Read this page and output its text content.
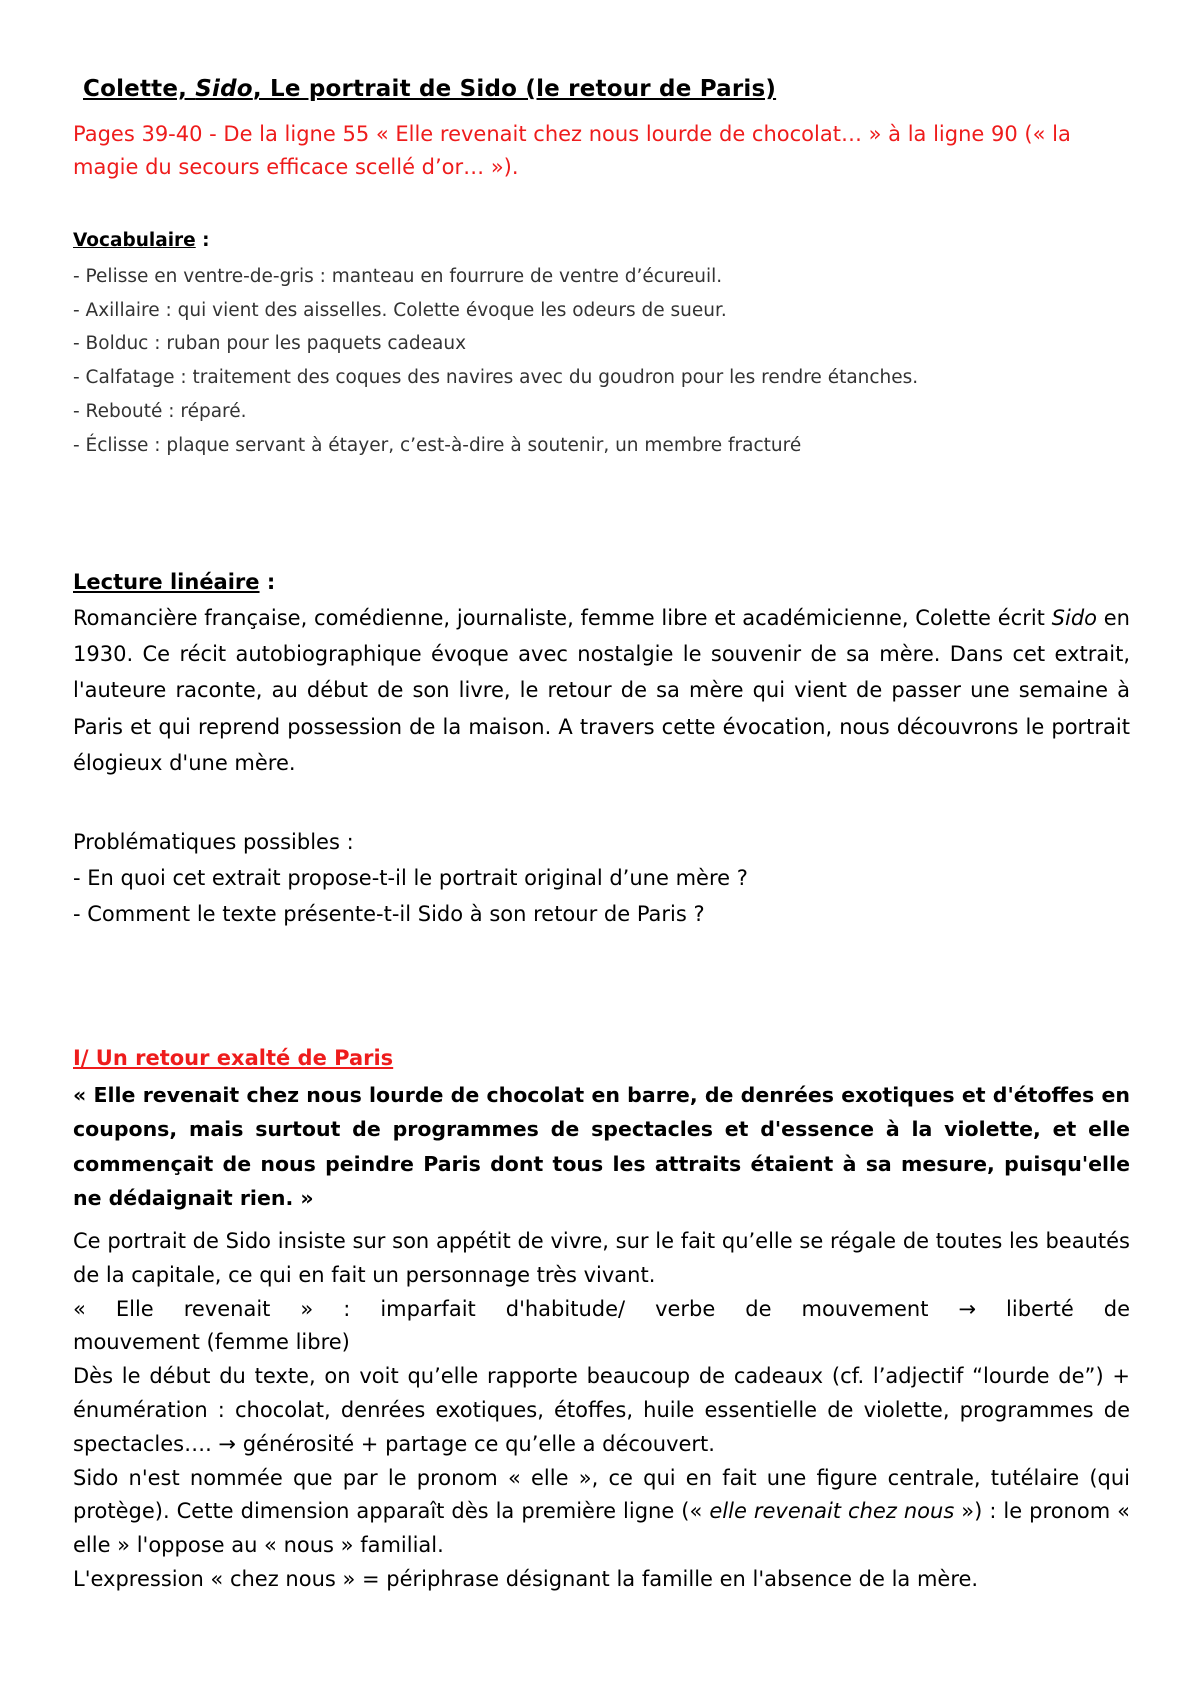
Colette, Sido, Le portrait de Sido (le retour de Paris)

Pages 39-40 - De la ligne 55 « Elle revenait chez nous lourde de chocolat… » à la ligne 90 (« la magie du secours efficace scellé d’or… »).

Vocabulaire :
- Pelisse en ventre-de-gris : manteau en fourrure de ventre d’écureuil.
- Axillaire : qui vient des aisselles. Colette évoque les odeurs de sueur.
- Bolduc : ruban pour les paquets cadeaux
- Calfatage : traitement des coques des navires avec du goudron pour les rendre étanches.
- Rebouté : réparé.
- Éclisse : plaque servant à étayer, c’est-à-dire à soutenir, un membre fracturé
Lecture linéaire :

Romancière française, comédienne, journaliste, femme libre et académicienne, Colette écrit Sido en 1930. Ce récit autobiographique évoque avec nostalgie le souvenir de sa mère. Dans cet extrait, l'auteure raconte, au début de son livre, le retour de sa mère qui vient de passer une semaine à Paris et qui reprend possession de la maison. A travers cette évocation, nous découvrons le portrait élogieux d'une mère.

Problématiques possibles :
- En quoi cet extrait propose-t-il le portrait original d’une mère ?
- Comment le texte présente-t-il Sido à son retour de Paris ?
I/ Un retour exalté de Paris

« Elle revenait chez nous lourde de chocolat en barre, de denrées exotiques et d'étoffes en coupons, mais surtout de programmes de spectacles et d'essence à la violette, et elle commençait de nous peindre Paris dont tous les attraits étaient à sa mesure, puisqu'elle ne dédaignait rien. »

Ce portrait de Sido insiste sur son appétit de vivre, sur le fait qu’elle se régale de toutes les beautés de la capitale, ce qui en fait un personnage très vivant.

« Elle revenait » : imparfait d'habitude/ verbe de mouvement → liberté de

mouvement (femme libre)

Dès le début du texte, on voit qu’elle rapporte beaucoup de cadeaux (cf. l’adjectif “lourde de”) + énumération : chocolat, denrées exotiques, étoffes, huile essentielle de violette, programmes de spectacles…. → générosité + partage ce qu’elle a découvert.

Sido n'est nommée que par le pronom « elle », ce qui en fait une figure centrale, tutélaire (qui protège). Cette dimension apparaît dès la première ligne (« elle revenait chez nous ») : le pronom « elle » l'oppose au « nous » familial.

L'expression « chez nous » = périphrase désignant la famille en l'absence de la mère.
